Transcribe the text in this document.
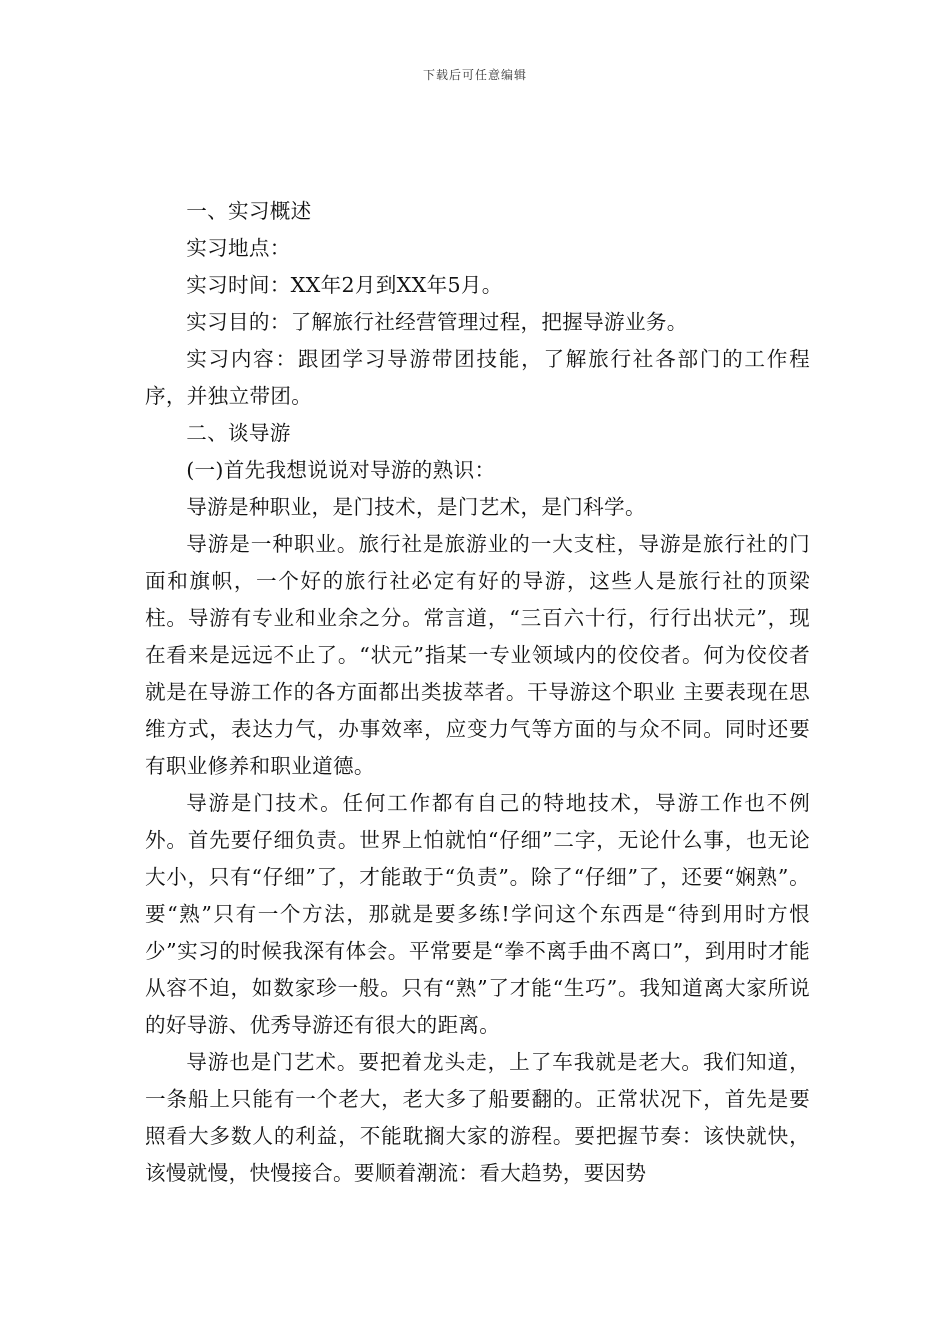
下载后可任意编辑

一、实习概述

实习地点：

实习时间：XX年2月到XX年5月。

实习目的：了解旅行社经营管理过程，把握导游业务。

实习内容：跟团学习导游带团技能，了解旅行社各部门的工作程序，并独立带团。

二、谈导游

(一)首先我想说说对导游的熟识：

导游是种职业，是门技术，是门艺术，是门科学。

导游是一种职业。旅行社是旅游业的一大支柱，导游是旅行社的门面和旗帜，一个好的旅行社必定有好的导游，这些人是旅行社的顶梁柱。导游有专业和业余之分。常言道，“三百六十行，行行出状元”，现在看来是远远不止了。“状元”指某一专业领域内的佼佼者。何为佼佼者就是在导游工作的各方面都出类拔萃者。干导游这个职业 主要表现在思维方式，表达力气，办事效率，应变力气等方面的与众不同。同时还要有职业修养和职业道德。

导游是门技术。任何工作都有自己的特地技术，导游工作也不例外。首先要仔细负责。世界上怕就怕“仔细”二字，无论什么事，也无论大小，只有“仔细”了，才能敢于“负责”。除了“仔细”了，还要“娴熟”。要“熟”只有一个方法，那就是要多练!学问这个东西是“待到用时方恨少”实习的时候我深有体会。平常要是“拳不离手曲不离口”，到用时才能从容不迫，如数家珍一般。只有“熟”了才能“生巧”。我知道离大家所说的好导游、优秀导游还有很大的距离。

导游也是门艺术。要把着龙头走，上了车我就是老大。我们知道，一条船上只能有一个老大，老大多了船要翻的。正常状况下，首先是要照看大多数人的利益，不能耽搁大家的游程。要把握节奏：该快就快，该慢就慢，快慢接合。要顺着潮流：看大趋势，要因势
